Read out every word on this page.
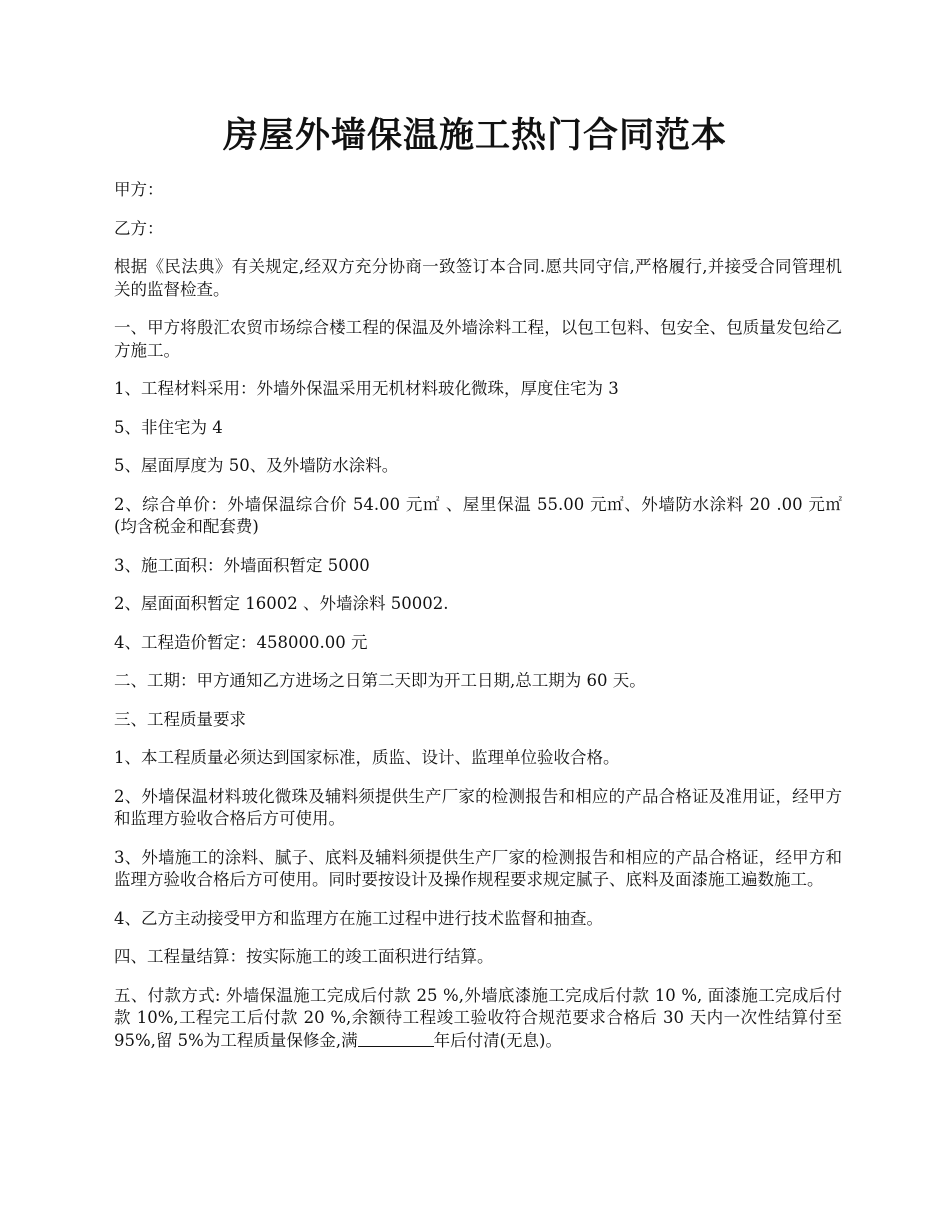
房屋外墙保温施工热门合同范本

甲方：

乙方：

根据《民法典》有关规定,经双方充分协商一致签订本合同.愿共同守信,严格履行,并接受合同管理机关的监督检查。

一、甲方将殷汇农贸市场综合楼工程的保温及外墙涂料工程，以包工包料、包安全、包质量发包给乙方施工。

1、工程材料采用：外墙外保温采用无机材料玻化微珠，厚度住宅为 3

5、非住宅为 4

5、屋面厚度为 50、及外墙防水涂料。

2、综合单价：外墙保温综合价 54.00 元㎡ 、屋里保温 55.00 元㎡、外墙防水涂料 20 .00 元㎡(均含税金和配套费)

3、施工面积：外墙面积暂定 5000

2、屋面面积暂定 16002 、外墙涂料 50002.

4、工程造价暂定：458000.00 元

二、工期：甲方通知乙方进场之日第二天即为开工日期,总工期为 60 天。

三、工程质量要求

1、本工程质量必须达到国家标准，质监、设计、监理单位验收合格。

2、外墙保温材料玻化微珠及辅料须提供生产厂家的检测报告和相应的产品合格证及准用证，经甲方和监理方验收合格后方可使用。

3、外墙施工的涂料、腻子、底料及辅料须提供生产厂家的检测报告和相应的产品合格证，经甲方和监理方验收合格后方可使用。同时要按设计及操作规程要求规定腻子、底料及面漆施工遍数施工。

4、乙方主动接受甲方和监理方在施工过程中进行技术监督和抽查。

四、工程量结算：按实际施工的竣工面积进行结算。

五、付款方式: 外墙保温施工完成后付款 25 %,外墙底漆施工完成后付款 10 %, 面漆施工完成后付款 10%,工程完工后付款 20 %,余额待工程竣工验收符合规范要求合格后 30 天内一次性结算付至 95%,留 5%为工程质量保修金,满	年后付清(无息)。
